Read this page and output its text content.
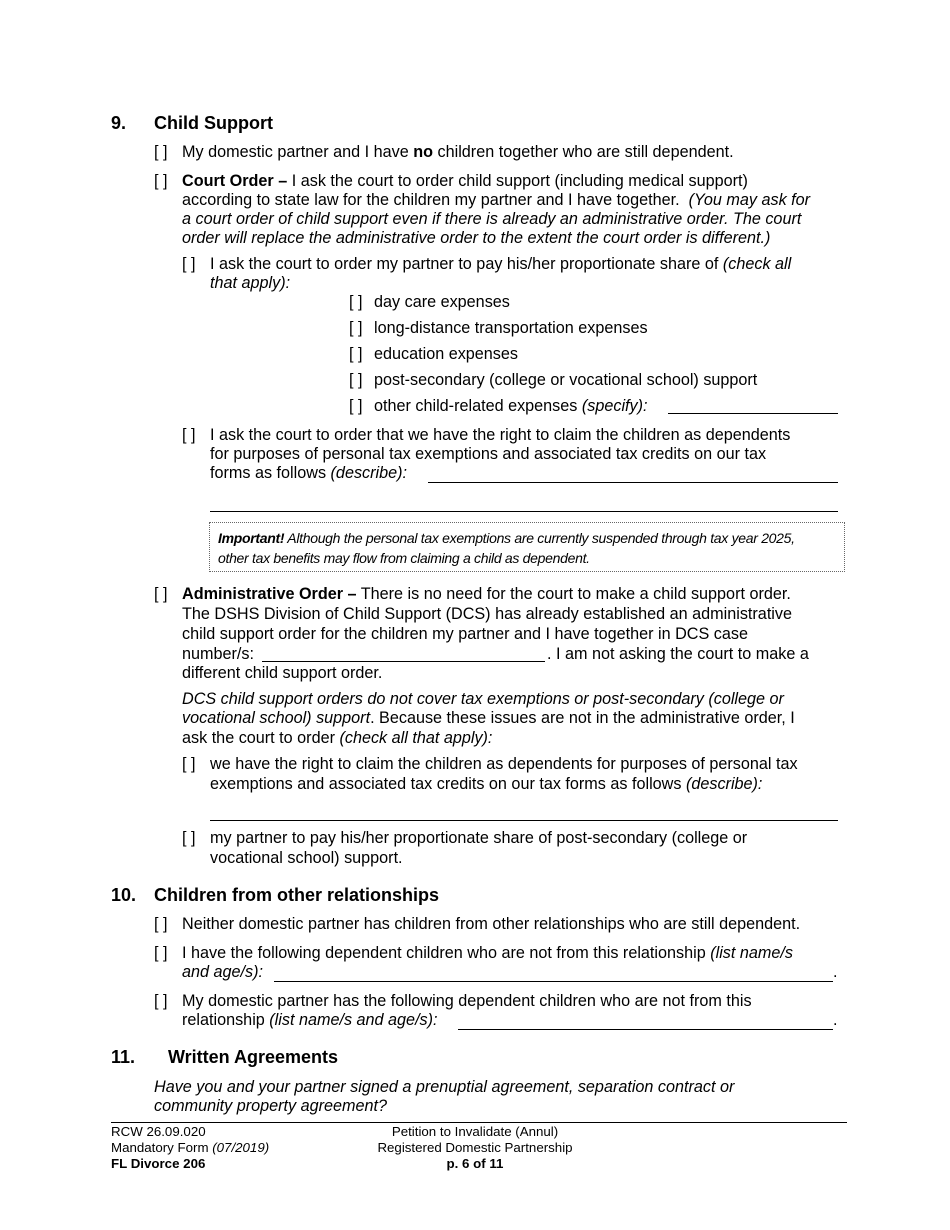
9. Child Support
[ ] My domestic partner and I have no children together who are still dependent.
[ ] Court Order – I ask the court to order child support (including medical support)
according to state law for the children my partner and I have together. (You may ask for
a court order of child support even if there is already an administrative order. The court
order will replace the administrative order to the extent the court order is different.)
[ ] I ask the court to order my partner to pay his/her proportionate share of (check all
that apply):
[ ] day care expenses
[ ] long-distance transportation expenses
[ ] education expenses
[ ] post-secondary (college or vocational school) support
[ ] other child-related expenses (specify):
[ ] I ask the court to order that we have the right to claim the children as dependents
for purposes of personal tax exemptions and associated tax credits on our tax
forms as follows (describe):
Important! Although the personal tax exemptions are currently suspended through tax year 2025,
other tax benefits may flow from claiming a child as dependent.
[ ] Administrative Order – There is no need for the court to make a child support order.
The DSHS Division of Child Support (DCS) has already established an administrative
child support order for the children my partner and I have together in DCS case
number/s:	. I am not asking the court to make a
different child support order.
DCS child support orders do not cover tax exemptions or post-secondary (college or
vocational school) support. Because these issues are not in the administrative order, I
ask the court to order (check all that apply):
[ ] we have the right to claim the children as dependents for purposes of personal tax
exemptions and associated tax credits on our tax forms as follows (describe):
[ ] my partner to pay his/her proportionate share of post-secondary (college or
vocational school) support.
10. Children from other relationships
[ ] Neither domestic partner has children from other relationships who are still dependent.
[ ] I have the following dependent children who are not from this relationship (list name/s
and age/s):	.
[ ] My domestic partner has the following dependent children who are not from this
relationship (list name/s and age/s):	.
11. Written Agreements
Have you and your partner signed a prenuptial agreement, separation contract or
community property agreement?
RCW 26.09.020
Mandatory Form (07/2019)
FL Divorce 206
Petition to Invalidate (Annul)
Registered Domestic Partnership
p. 6 of 11
